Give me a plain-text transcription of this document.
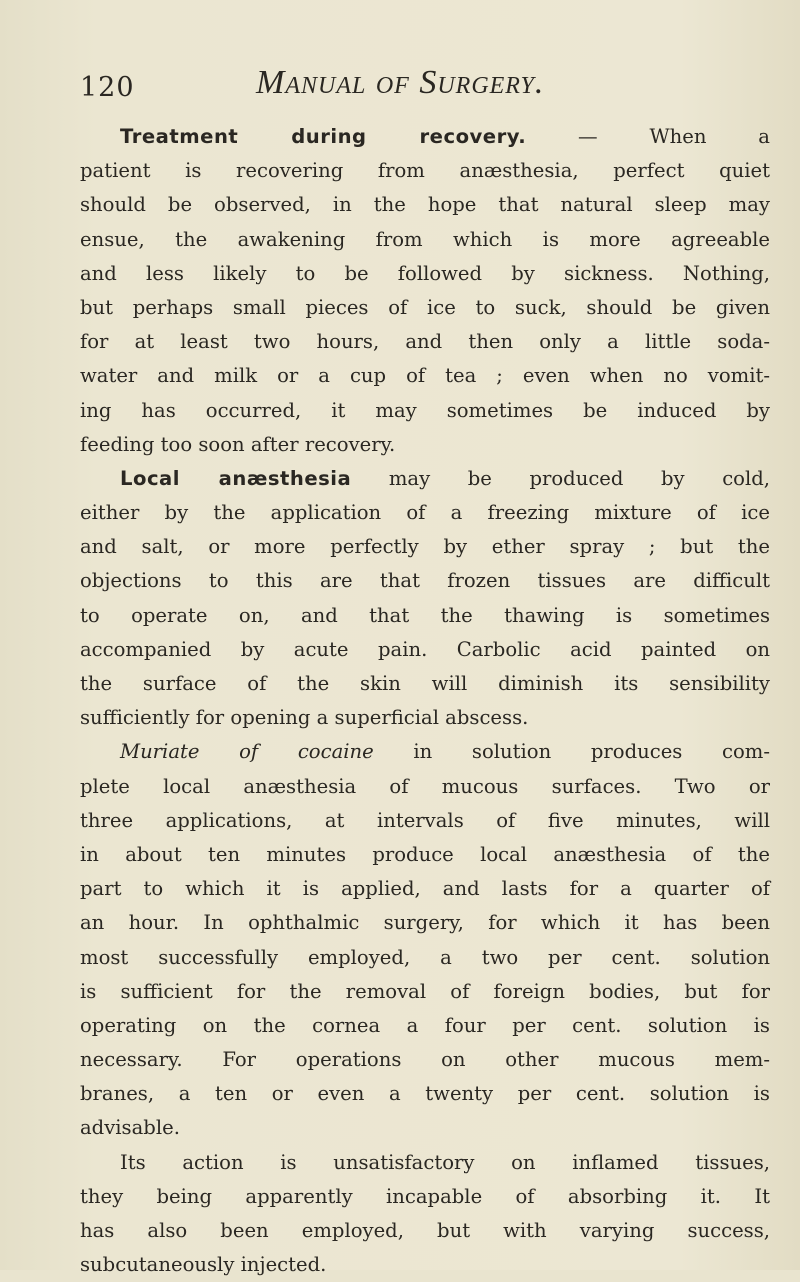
120	Manual of Surgery.
Treatment during recovery. — When a
patient is recovering from anæsthesia, perfect quiet
should be observed, in the hope that natural sleep may
ensue, the awakening from which is more agreeable
and less likely to be followed by sickness. Nothing,
but perhaps small pieces of ice to suck, should be given
for at least two hours, and then only a little soda-
water and milk or a cup of tea ; even when no vomit-
ing has occurred, it may sometimes be induced by
feeding too soon after recovery.
Local anæsthesia may be produced by cold,
either by the application of a freezing mixture of ice
and salt, or more perfectly by ether spray ; but the
objections to this are that frozen tissues are difficult
to operate on, and that the thawing is sometimes
accompanied by acute pain. Carbolic acid painted on
the surface of the skin will diminish its sensibility
sufficiently for opening a superficial abscess.
Muriate of cocaine in solution produces com-
plete local anæsthesia of mucous surfaces. Two or
three applications, at intervals of five minutes, will
in about ten minutes produce local anæsthesia of the
part to which it is applied, and lasts for a quarter of
an hour. In ophthalmic surgery, for which it has been
most successfully employed, a two per cent. solution
is sufficient for the removal of foreign bodies, but for
operating on the cornea a four per cent. solution is
necessary. For operations on other mucous mem-
branes, a ten or even a twenty per cent. solution is
advisable.
Its action is unsatisfactory on inflamed tissues,
they being apparently incapable of absorbing it. It
has also been employed, but with varying success,
subcutaneously injected.
